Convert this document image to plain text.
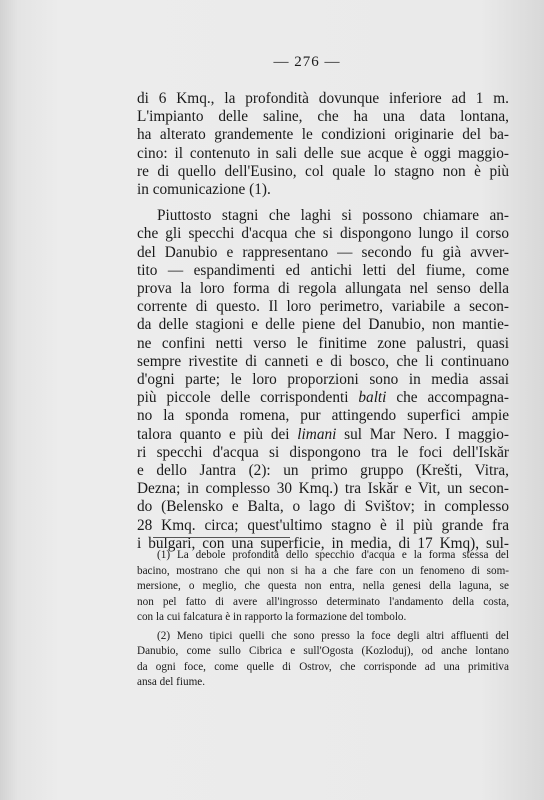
— 276 —

di 6 Kmq., la profondità dovunque inferiore ad 1 m.
L'impianto delle saline, che ha una data lontana,
ha alterato grandemente le condizioni originarie del ba-
cino: il contenuto in sali delle sue acque è oggi maggio-
re di quello dell'Eusino, col quale lo stagno non è più
in comunicazione (1).

Piuttosto stagni che laghi si possono chiamare an-
che gli specchi d'acqua che si dispongono lungo il corso
del Danubio e rappresentano — secondo fu già avver-
tito — espandimenti ed antichi letti del fiume, come
prova la loro forma di regola allungata nel senso della
corrente di questo. Il loro perimetro, variabile a secon-
da delle stagioni e delle piene del Danubio, non mantie-
ne confini netti verso le finitime zone palustri, quasi
sempre rivestite di canneti e di bosco, che li continuano
d'ogni parte; le loro proporzioni sono in media assai
più piccole delle corrispondenti balti che accompagna-
no la sponda romena, pur attingendo superfici ampie
talora quanto e più dei limani sul Mar Nero. I maggio-
ri specchi d'acqua si dispongono tra le foci dell'Iskăr
e dello Jantra (2): un primo gruppo (Krešti, Vitra,
Dezna; in complesso 30 Kmq.) tra Iskăr e Vit, un secon-
do (Belensko e Balta, o lago di Svištov; in complesso
28 Kmq. circa; quest'ultimo stagno è il più grande fra
i bulgari, con una superficie, in media, di 17 Kmq), sul-

(1) La debole profondità dello specchio d'acqua e la forma stessa del
bacino, mostrano che qui non si ha a che fare con un fenomeno di som-
mersione, o meglio, che questa non entra, nella genesi della laguna, se
non pel fatto di avere all'ingrosso determinato l'andamento della costa,
con la cui falcatura è in rapporto la formazione del tombolo.

(2) Meno tipici quelli che sono presso la foce degli altri affluenti del
Danubio, come sullo Cibrica e sull'Ogosta (Kozloduj), od anche lontano
da ogni foce, come quelle di Ostrov, che corrisponde ad una primitiva
ansa del fiume.
